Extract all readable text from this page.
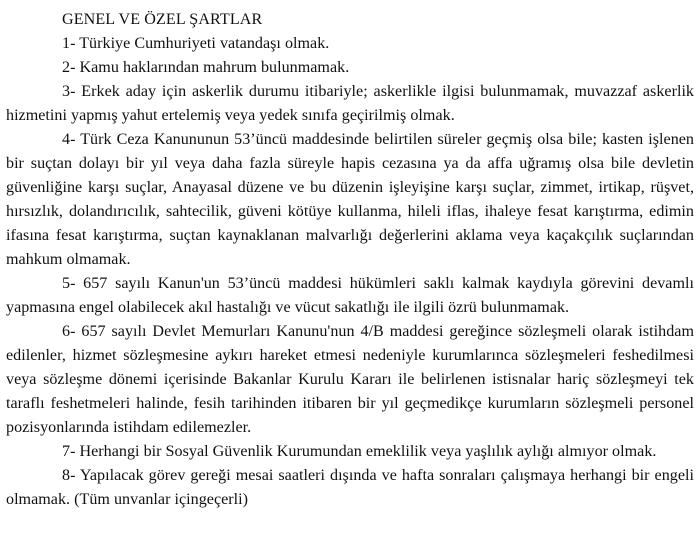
GENEL VE ÖZEL ŞARTLAR

1- Türkiye Cumhuriyeti vatandaşı olmak.

2- Kamu haklarından mahrum bulunmamak.

3- Erkek aday için askerlik durumu itibariyle; askerlikle ilgisi bulunmamak, muvazzaf askerlik hizmetini yapmış yahut ertelemiş veya yedek sınıfa geçirilmiş olmak.

4- Türk Ceza Kanununun 53’üncü maddesinde belirtilen süreler geçmiş olsa bile; kasten işlenen bir suçtan dolayı bir yıl veya daha fazla süreyle hapis cezasına ya da affa uğramış olsa bile devletin güvenliğine karşı suçlar, Anayasal düzene ve bu düzenin işleyişine karşı suçlar, zimmet, irtikap, rüşvet, hırsızlık, dolandırıcılık, sahtecilik, güveni kötüye kullanma, hileli iflas, ihaleye fesat karıştırma, edimin ifasına fesat karıştırma, suçtan kaynaklanan malvarlığı değerlerini aklama veya kaçakçılık suçlarından mahkum olmamak.

5- 657 sayılı Kanun'un 53’üncü maddesi hükümleri saklı kalmak kaydıyla görevini devamlı yapmasına engel olabilecek akıl hastalığı ve vücut sakatlığı ile ilgili özrü bulunmamak.

6- 657 sayılı Devlet Memurları Kanunu'nun 4/B maddesi gereğince sözleşmeli olarak istihdam edilenler, hizmet sözleşmesine aykırı hareket etmesi nedeniyle kurumlarınca sözleşmeleri feshedilmesi veya sözleşme dönemi içerisinde Bakanlar Kurulu Kararı ile belirlenen istisnalar hariç sözleşmeyi tek taraflı feshetmeleri halinde, fesih tarihinden itibaren bir yıl geçmedikçe kurumların sözleşmeli personel pozisyonlarında istihdam edilemezler.

7- Herhangi bir Sosyal Güvenlik Kurumundan emeklilik veya yaşlılık aylığı almıyor olmak.

8- Yapılacak görev gereği mesai saatleri dışında ve hafta sonraları çalışmaya herhangi bir engeli olmamak. (Tüm unvanlar içingeçerli)
